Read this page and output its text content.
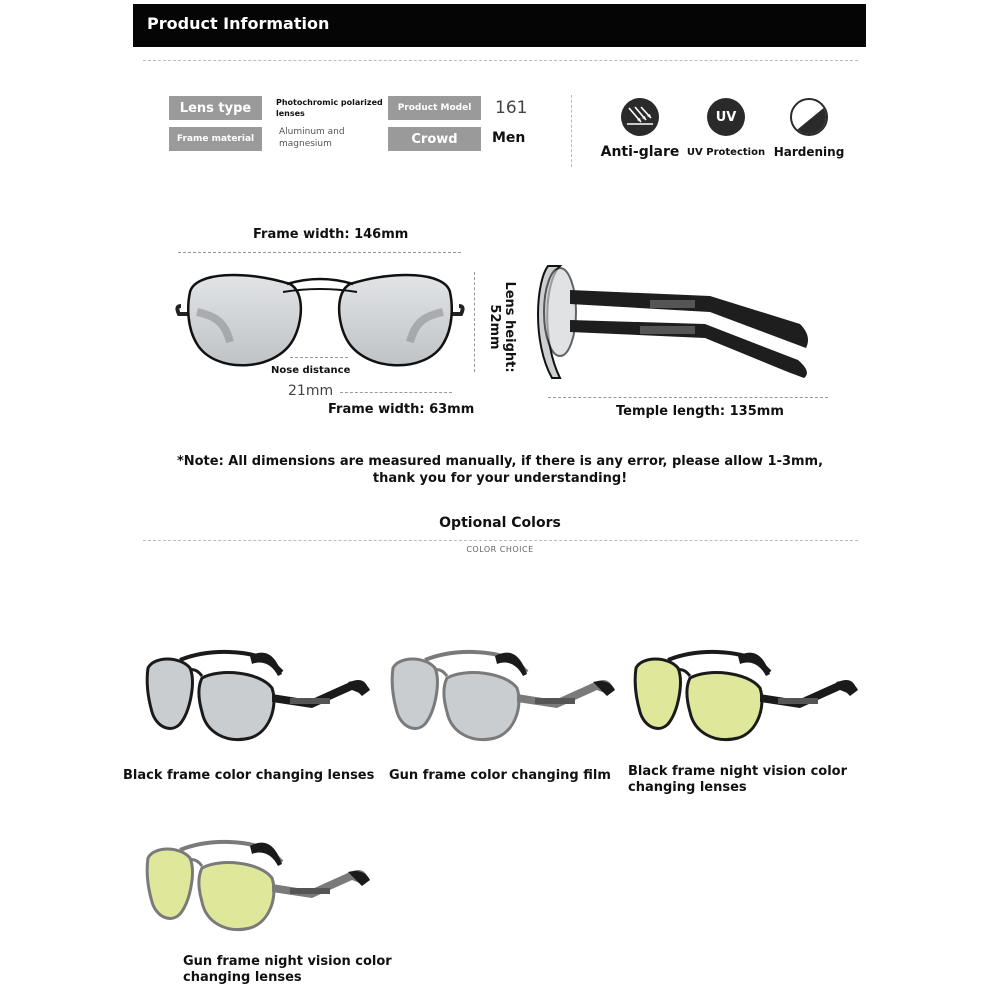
Product Information
Lens type	Photochromic polarized lenses
Frame material
Aluminum and magnesium
Product Model	161
Crowd	Men
Anti-glare
UV
UV Protection Hardening
Frame width: 146mm
Nose distance
21mm
Frame width: 63mm
Lens height: 52mm
Temple length: 135mm
*Note: All dimensions are measured manually, if there is any error, please allow 1-3mm,
thank you for your understanding!
Optional Colors
COLOR CHOICE
Black frame color changing lenses Gun frame color changing film Black frame night vision color changing lenses
Gun frame night vision color changing lenses
